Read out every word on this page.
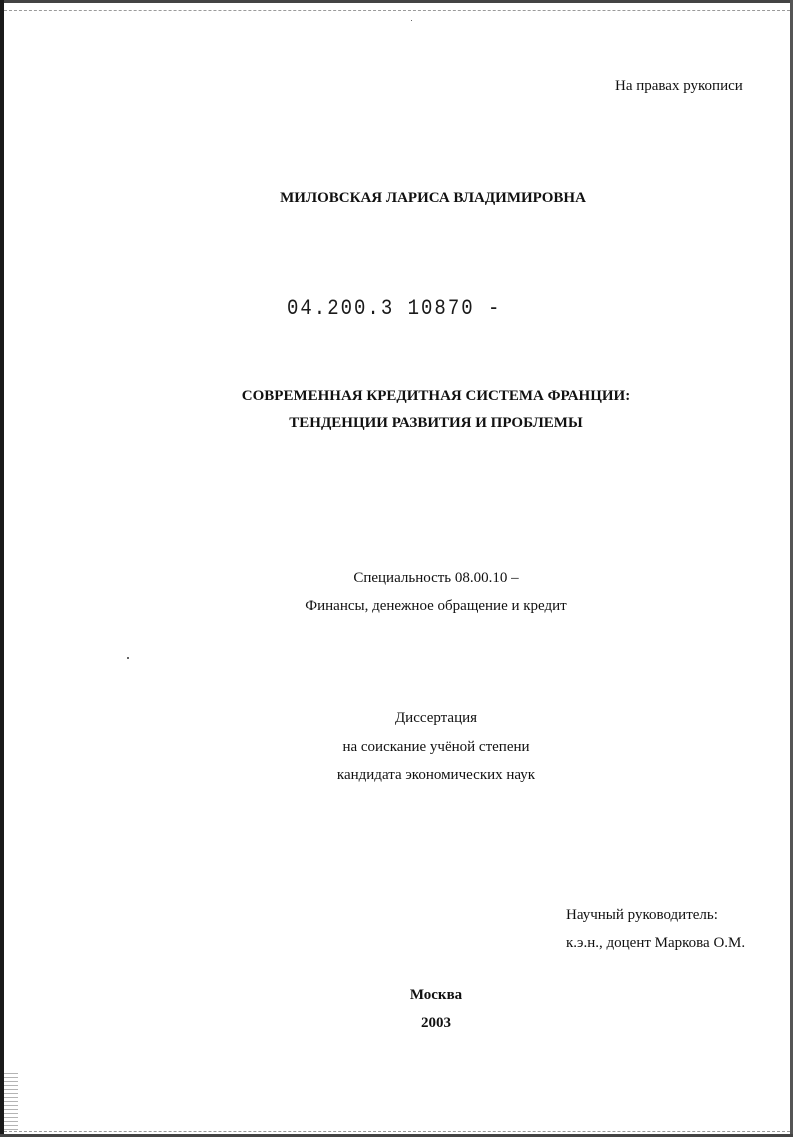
На правах рукописи
МИЛОВСКАЯ ЛАРИСА ВЛАДИМИРОВНА
04.200.3 10870 -
СОВРЕМЕННАЯ КРЕДИТНАЯ СИСТЕМА ФРАНЦИИ:
ТЕНДЕНЦИИ РАЗВИТИЯ И ПРОБЛЕМЫ
Специальность 08.00.10 –
Финансы, денежное обращение и кредит
Диссертация
на соискание учёной степени
кандидата экономических наук
Научный руководитель:
к.э.н., доцент Маркова О.М.
Москва
2003
